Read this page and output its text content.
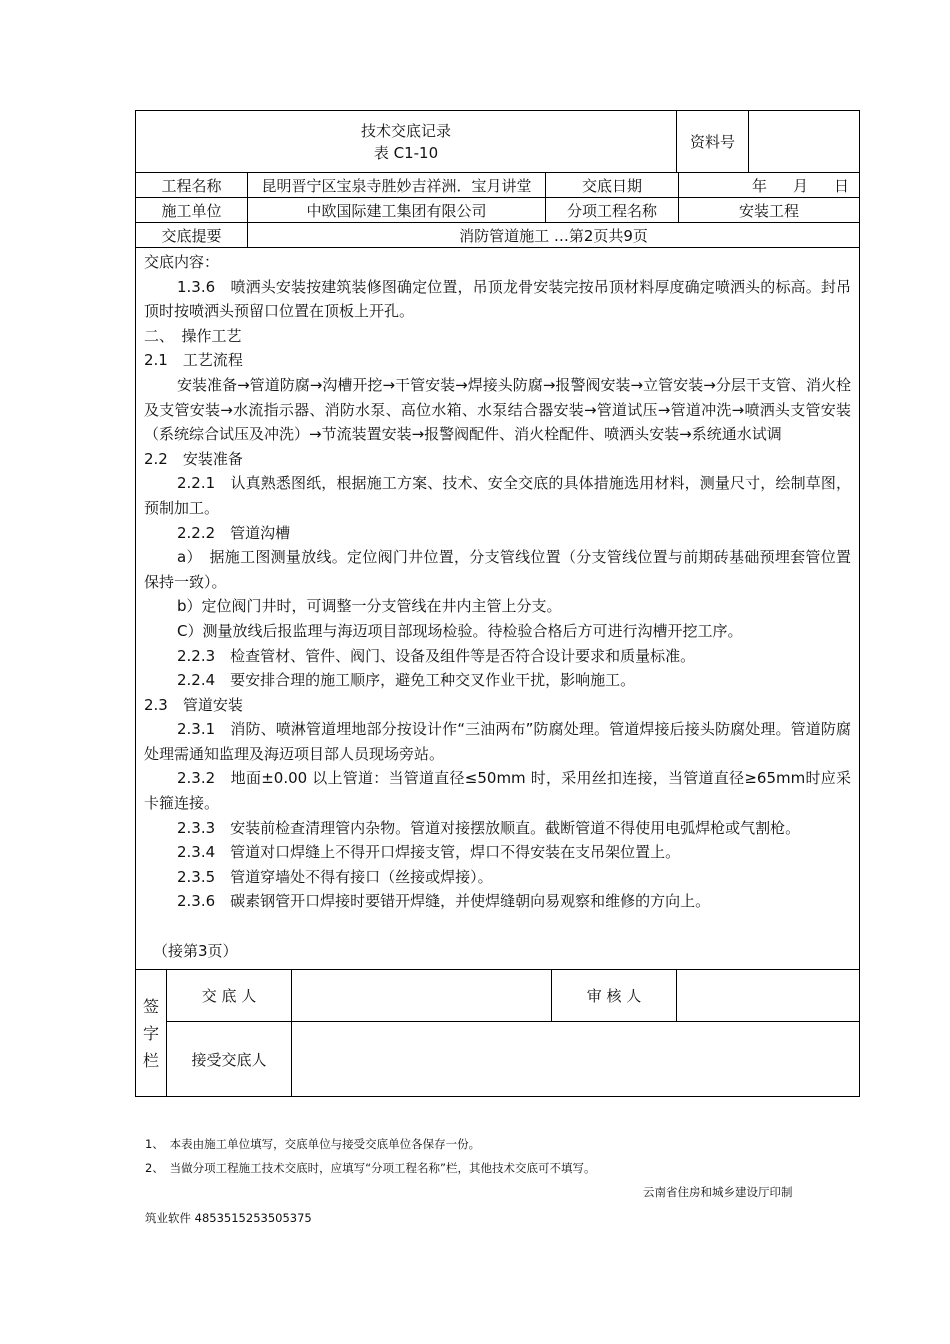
技术交底记录
表 C1-10
资料号
工程名称	昆明晋宁区宝泉寺胜妙吉祥洲．宝月讲堂	交底日期	年 月 日
施工单位	中欧国际建工集团有限公司	分项工程名称	安装工程
交底提要	消防管道施工 …第2页共9页

交底内容：

1.3.6　喷洒头安装按建筑装修图确定位置，吊顶龙骨安装完按吊顶材料厚度确定喷洒头的标高。封吊顶时按喷洒头预留口位置在顶板上开孔。

二、　操作工艺

2.1　工艺流程

安装准备→管道防腐→沟槽开挖→干管安装→焊接头防腐→报警阀安装→立管安装→分层干支管、消火栓及支管安装→水流指示器、消防水泵、高位水箱、水泵结合器安装→管道试压→管道冲洗→喷洒头支管安装（系统综合试压及冲洗）→节流装置安装→报警阀配件、消火栓配件、喷洒头安装→系统通水试调

2.2　安装准备

2.2.1　认真熟悉图纸，根据施工方案、技术、安全交底的具体措施选用材料，测量尺寸，绘制草图，预制加工。

2.2.2　管道沟槽

a）　据施工图测量放线。定位阀门井位置，分支管线位置（分支管线位置与前期砖基础预埋套管位置保持一致）。

b）定位阀门井时，可调整一分支管线在井内主管上分支。

C）测量放线后报监理与海迈项目部现场检验。待检验合格后方可进行沟槽开挖工序。

2.2.3　检查管材、管件、阀门、设备及组件等是否符合设计要求和质量标准。

2.2.4　要安排合理的施工顺序，避免工种交叉作业干扰，影响施工。

2.3　管道安装

2.3.1　消防、喷淋管道埋地部分按设计作“三油两布”防腐处理。管道焊接后接头防腐处理。管道防腐处理需通知监理及海迈项目部人员现场旁站。

2.3.2　地面±0.00 以上管道：当管道直径≤50mm 时，采用丝扣连接，当管道直径≥65mm时应采卡箍连接。

2.3.3　安装前检查清理管内杂物。管道对接摆放顺直。截断管道不得使用电弧焊枪或气割枪。

2.3.4　管道对口焊缝上不得开口焊接支管，焊口不得安装在支吊架位置上。

2.3.5　管道穿墙处不得有接口（丝接或焊接）。

2.3.6　碳素钢管开口焊接时要错开焊缝，并使焊缝朝向易观察和维修的方向上。

（接第3页）

签
字
栏
交 底 人	审 核 人
接受交底人
1、　本表由施工单位填写，交底单位与接受交底单位各保存一份。
2、　当做分项工程施工技术交底时，应填写“分项工程名称”栏，其他技术交底可不填写。
云南省住房和城乡建设厅印制
筑业软件 4853515253505375
